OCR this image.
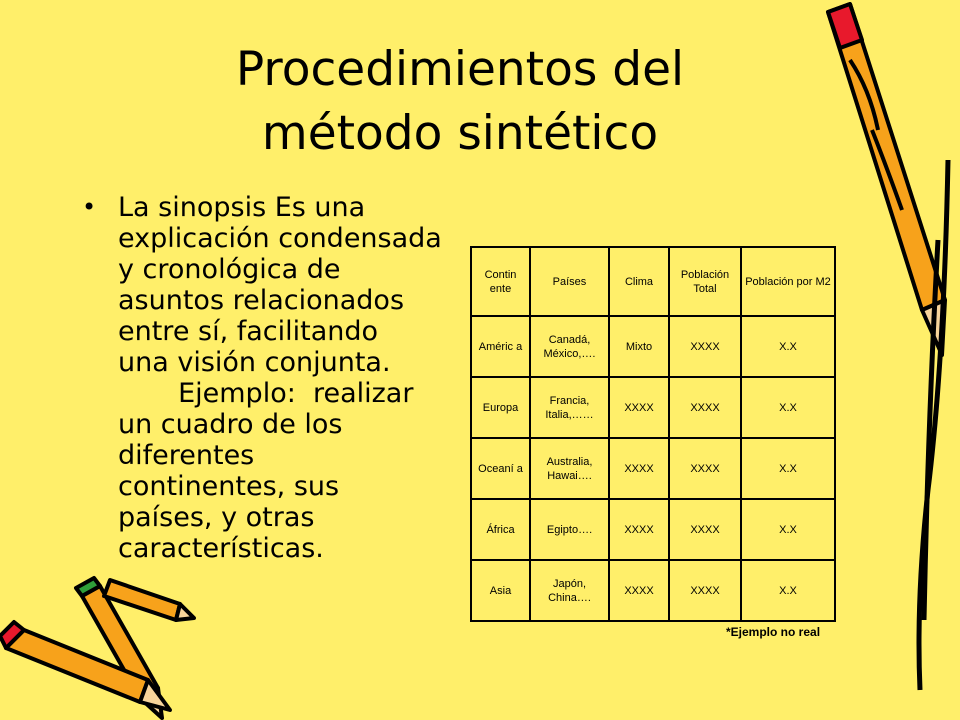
Procedimientos del
método sintético
• La sinopsis Es una
explicación condensada
y cronológica de
asuntos relacionados
entre sí, facilitando
una visión conjunta.
Ejemplo:  realizar
un cuadro de los
diferentes
continentes, sus
países, y otras
características.
Contin ente	Países	Clima	Población Total	Población por M2
Améric a	Canadá, México,….	Mixto	XXXX	X.X
Europa	Francia, Italia,……	XXXX	XXXX	X.X
Oceaní a	Australia, Hawai….	XXXX	XXXX	X.X
África	Egipto….	XXXX	XXXX	X.X
Asia	Japón, China….	XXXX	XXXX	X.X
*Ejemplo no real
